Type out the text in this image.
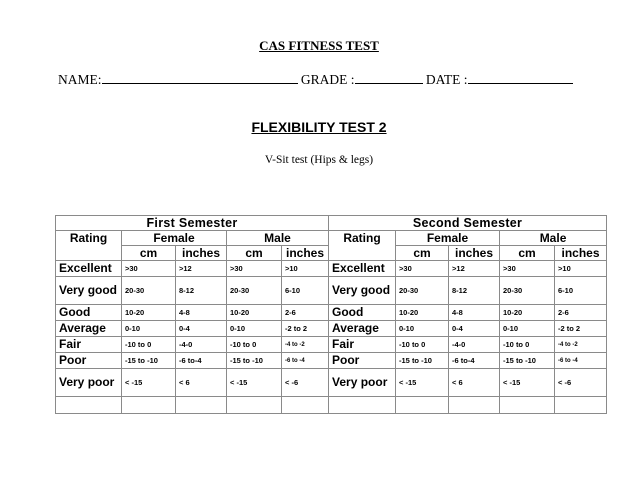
CAS FITNESS TEST
NAME:	GRADE :	DATE :
FLEXIBILITY TEST 2
V-Sit test (Hips & legs)
First Semester					Second Semester				
Rating	Female		Male		Rating	Female		Male	
	cm	inches	cm	inches		cm	inches	cm	inches
Excellent	>30	>12	>30	>10	Excellent	>30	>12	>30	>10
Very good	20-30	8-12	20-30	6-10	Very good	20-30	8-12	20-30	6-10
Good	10-20	4-8	10-20	2-6	Good	10-20	4-8	10-20	2-6
Average	0-10	0-4	0-10	-2 to 2	Average	0-10	0-4	0-10	-2 to 2
Fair	-10 to 0	-4-0	-10 to 0	-4 to -2	Fair	-10 to 0	-4-0	-10 to 0	-4 to -2
Poor	-15 to -10	-6 to-4	-15 to -10	-6 to -4	Poor	-15 to -10	-6 to-4	-15 to -10	-6 to -4
Very poor	< -15	< 6	< -15	< -6	Very poor	< -15	< 6	< -15	< -6
